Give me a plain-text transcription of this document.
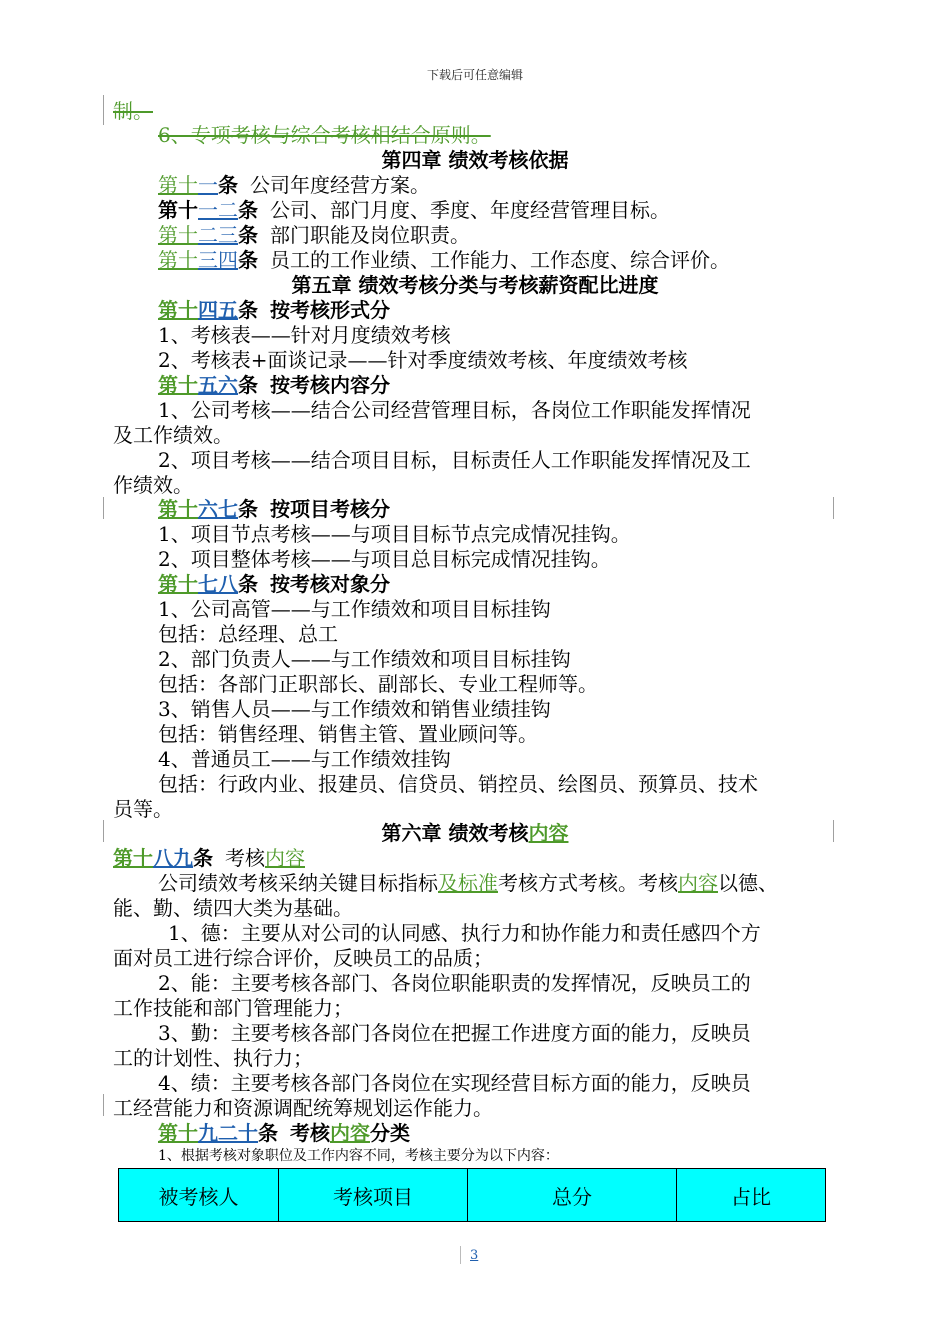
下载后可任意编辑
制。
6、专项考核与综合考核相结合原则。
第四章 绩效考核依据
第十一条 公司年度经营方案。
第十一二条 公司、部门月度、季度、年度经营管理目标。
第十二三条 部门职能及岗位职责。
第十三四条 员工的工作业绩、工作能力、工作态度、综合评价。
第五章 绩效考核分类与考核薪资配比进度
第十四五条 按考核形式分
1、考核表——针对月度绩效考核
2、考核表+面谈记录——针对季度绩效考核、年度绩效考核
第十五六条 按考核内容分
1、公司考核——结合公司经营管理目标，各岗位工作职能发挥情况
及工作绩效。
2、项目考核——结合项目目标，目标责任人工作职能发挥情况及工
作绩效。
第十六七条 按项目考核分
1、项目节点考核——与项目目标节点完成情况挂钩。
2、项目整体考核——与项目总目标完成情况挂钩。
第十七八条 按考核对象分
1、公司高管——与工作绩效和项目目标挂钩
包括：总经理、总工
2、部门负责人——与工作绩效和项目目标挂钩
包括：各部门正职部长、副部长、专业工程师等。
3、销售人员——与工作绩效和销售业绩挂钩
包括：销售经理、销售主管、置业顾问等。
4、普通员工——与工作绩效挂钩
包括：行政内业、报建员、信贷员、销控员、绘图员、预算员、技术
员等。
第六章 绩效考核内容
第十八九条 考核内容
公司绩效考核采纳关键目标指标及标准考核方式考核。考核内容以德、
能、勤、绩四大类为基础。
1、德：主要从对公司的认同感、执行力和协作能力和责任感四个方
面对员工进行综合评价，反映员工的品质；
2、能：主要考核各部门、各岗位职能职责的发挥情况，反映员工的
工作技能和部门管理能力；
3、勤：主要考核各部门各岗位在把握工作进度方面的能力，反映员
工的计划性、执行力；
4、绩：主要考核各部门各岗位在实现经营目标方面的能力，反映员
工经营能力和资源调配统筹规划运作能力。
第十九二十条 考核内容分类
1、根据考核对象职位及工作内容不同，考核主要分为以下内容：
被考核人	考核项目	总分	占比
3
